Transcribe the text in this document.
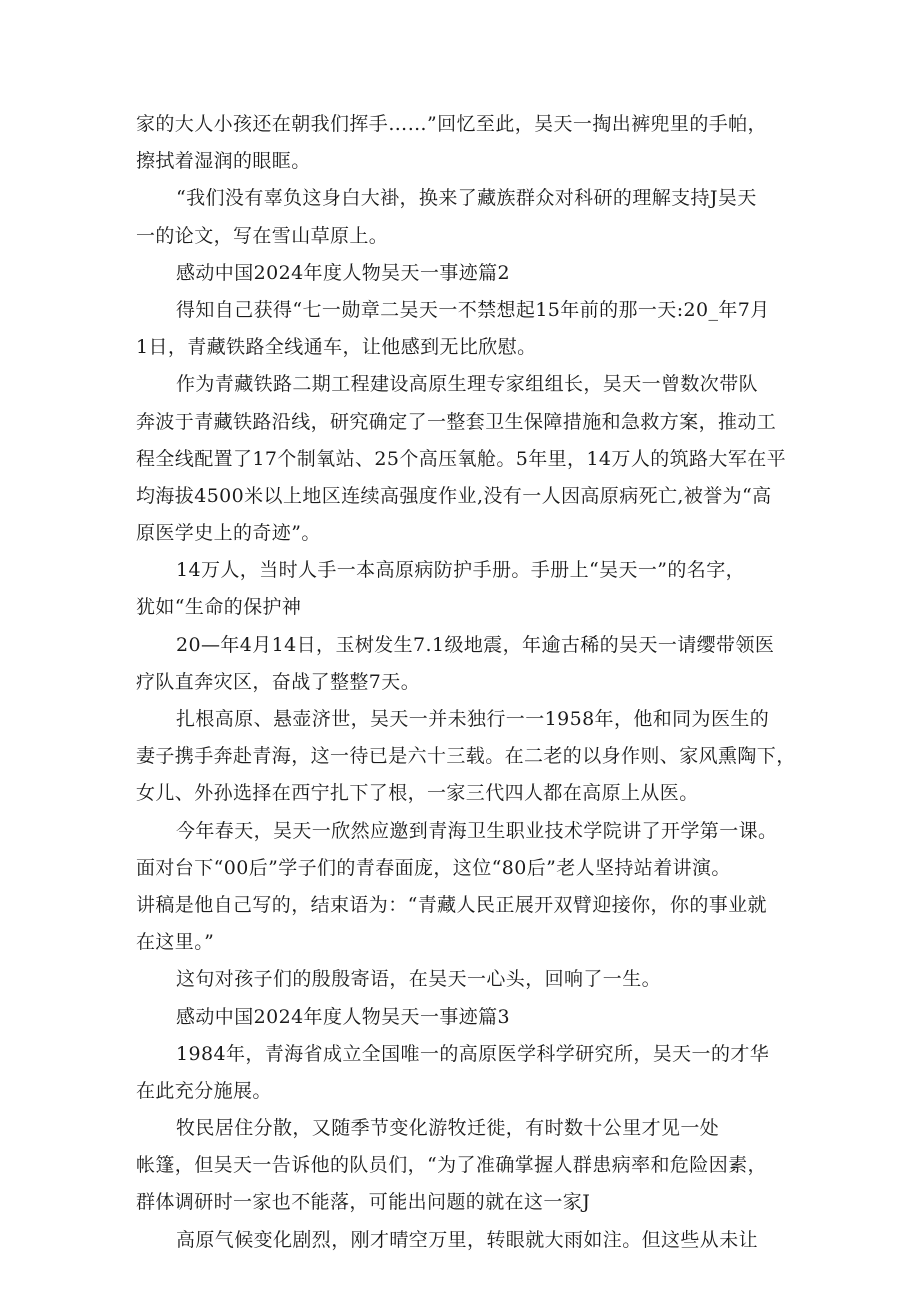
家的大人小孩还在朝我们挥手……”回忆至此，吴天一掏出裤兜里的手帕，
擦拭着湿润的眼眶。
“我们没有辜负这身白大褂，换来了藏族群众对科研的理解支持J吴天
一的论文，写在雪山草原上。
感动中国2024年度人物吴天一事迹篇2
得知自己获得“七一勋章二吴天一不禁想起15年前的那一天:20_年7月
1日，青藏铁路全线通车，让他感到无比欣慰。
作为青藏铁路二期工程建设高原生理专家组组长，吴天一曾数次带队
奔波于青藏铁路沿线，研究确定了一整套卫生保障措施和急救方案，推动工
程全线配置了17个制氧站、25个高压氧舱。5年里，14万人的筑路大军在平
均海拔4500米以上地区连续高强度作业,没有一人因高原病死亡,被誉为“高
原医学史上的奇迹”。
14万人，当时人手一本高原病防护手册。手册上“吴天一”的名字，
犹如“生命的保护神
20—年4月14日，玉树发生7.1级地震，年逾古稀的吴天一请缨带领医
疗队直奔灾区，奋战了整整7天。
扎根高原、悬壶济世，吴天一并未独行一一1958年，他和同为医生的
妻子携手奔赴青海，这一待已是六十三载。在二老的以身作则、家风熏陶下，
女儿、外孙选择在西宁扎下了根，一家三代四人都在高原上从医。
今年春天，吴天一欣然应邀到青海卫生职业技术学院讲了开学第一课。
面对台下“00后”学子们的青春面庞，这位“80后”老人坚持站着讲演。
讲稿是他自己写的，结束语为：“青藏人民正展开双臂迎接你，你的事业就
在这里。”
这句对孩子们的殷殷寄语，在吴天一心头，回响了一生。
感动中国2024年度人物吴天一事迹篇3
1984年，青海省成立全国唯一的高原医学科学研究所，吴天一的才华
在此充分施展。
牧民居住分散，又随季节变化游牧迁徙，有时数十公里才见一处
帐篷，但吴天一告诉他的队员们，“为了准确掌握人群患病率和危险因素，
群体调研时一家也不能落，可能出问题的就在这一家J
高原气候变化剧烈，刚才晴空万里，转眼就大雨如注。但这些从未让
